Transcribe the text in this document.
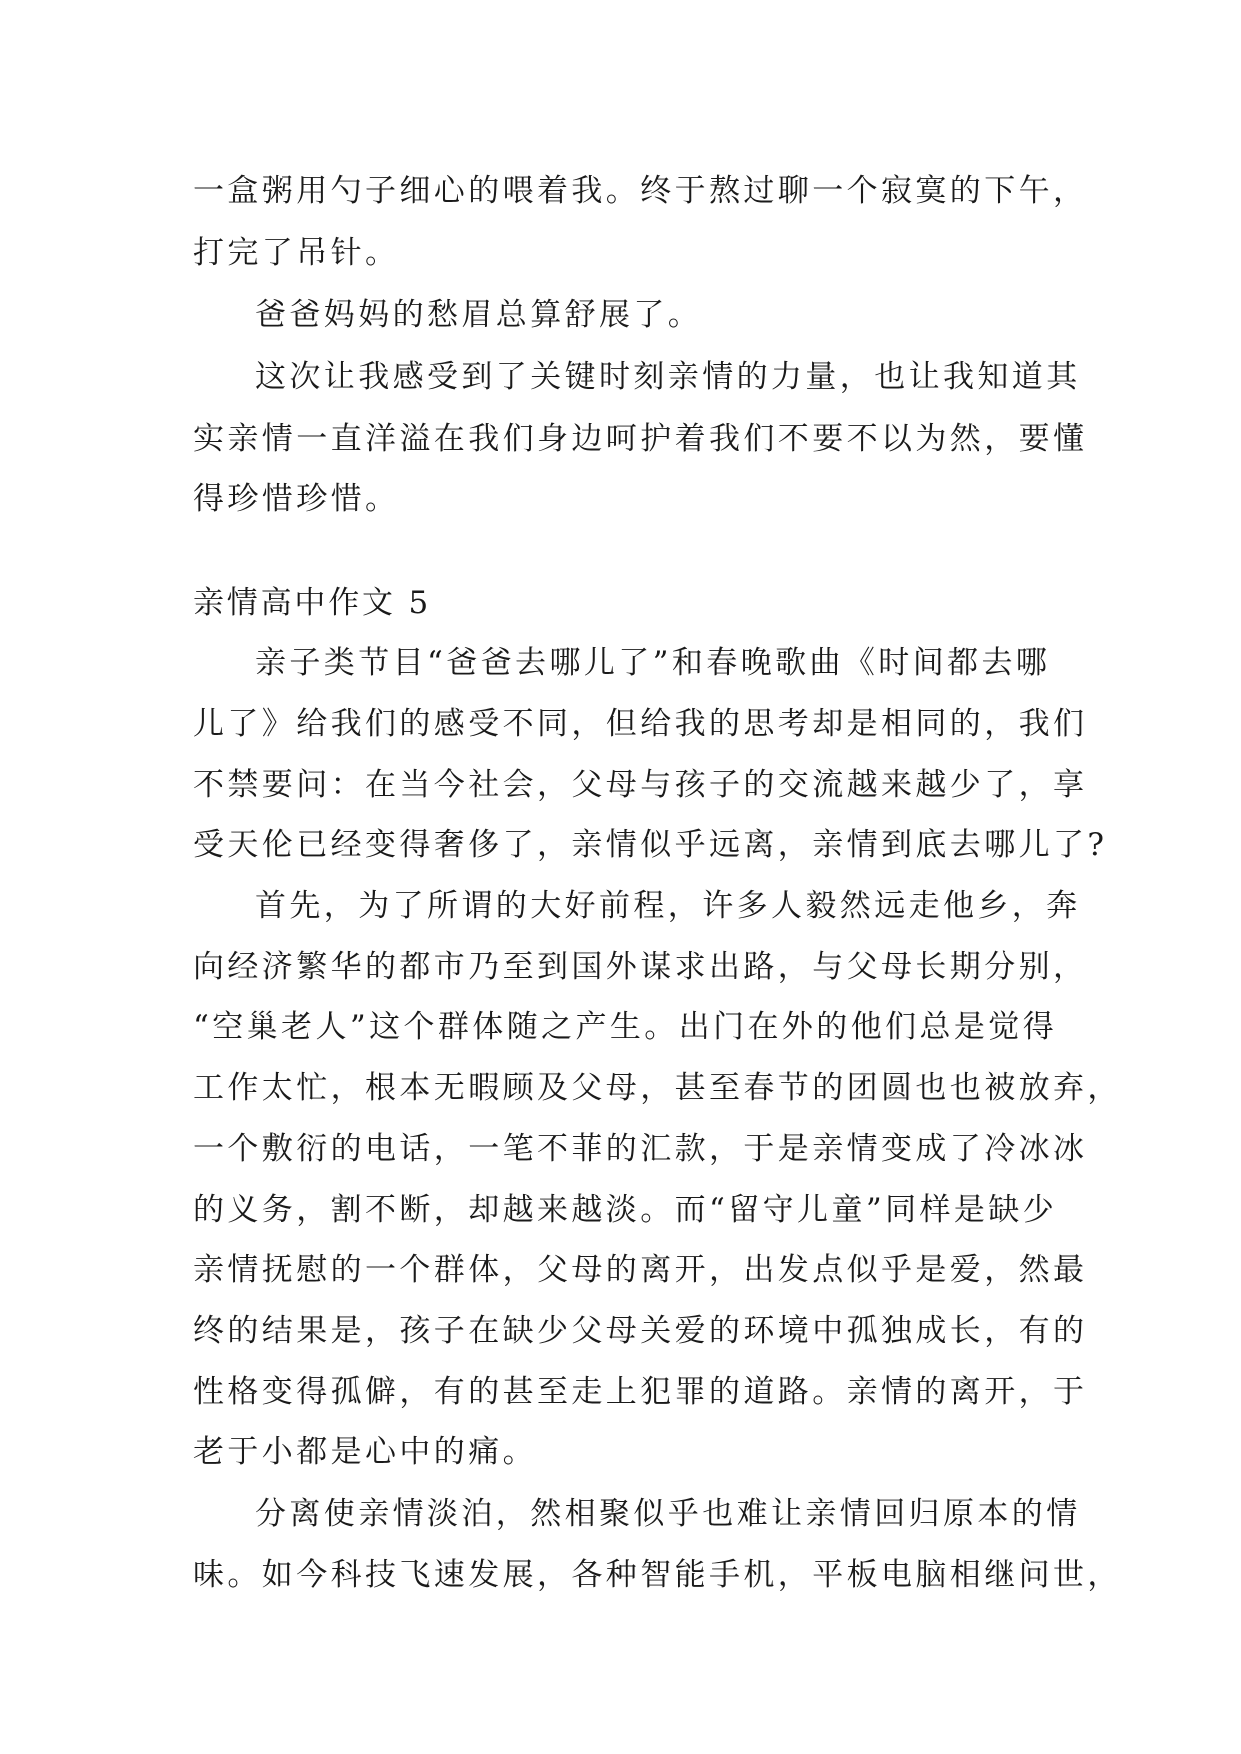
一盒粥用勺子细心的喂着我。终于熬过聊一个寂寞的下午，
打完了吊针。
爸爸妈妈的愁眉总算舒展了。
这次让我感受到了关键时刻亲情的力量，也让我知道其
实亲情一直洋溢在我们身边呵护着我们不要不以为然，要懂
得珍惜珍惜。
亲情高中作文 5
亲子类节目“爸爸去哪儿了”和春晚歌曲《时间都去哪
儿了》给我们的感受不同，但给我的思考却是相同的，我们
不禁要问：在当今社会，父母与孩子的交流越来越少了，享
受天伦已经变得奢侈了，亲情似乎远离，亲情到底去哪儿了?
首先，为了所谓的大好前程，许多人毅然远走他乡，奔
向经济繁华的都市乃至到国外谋求出路，与父母长期分别，
“空巢老人”这个群体随之产生。出门在外的他们总是觉得
工作太忙，根本无暇顾及父母，甚至春节的团圆也也被放弃，
一个敷衍的电话，一笔不菲的汇款，于是亲情变成了冷冰冰
的义务，割不断，却越来越淡。而“留守儿童”同样是缺少
亲情抚慰的一个群体，父母的离开，出发点似乎是爱，然最
终的结果是，孩子在缺少父母关爱的环境中孤独成长，有的
性格变得孤僻，有的甚至走上犯罪的道路。亲情的离开，于
老于小都是心中的痛。
分离使亲情淡泊，然相聚似乎也难让亲情回归原本的情
味。如今科技飞速发展，各种智能手机，平板电脑相继问世，
